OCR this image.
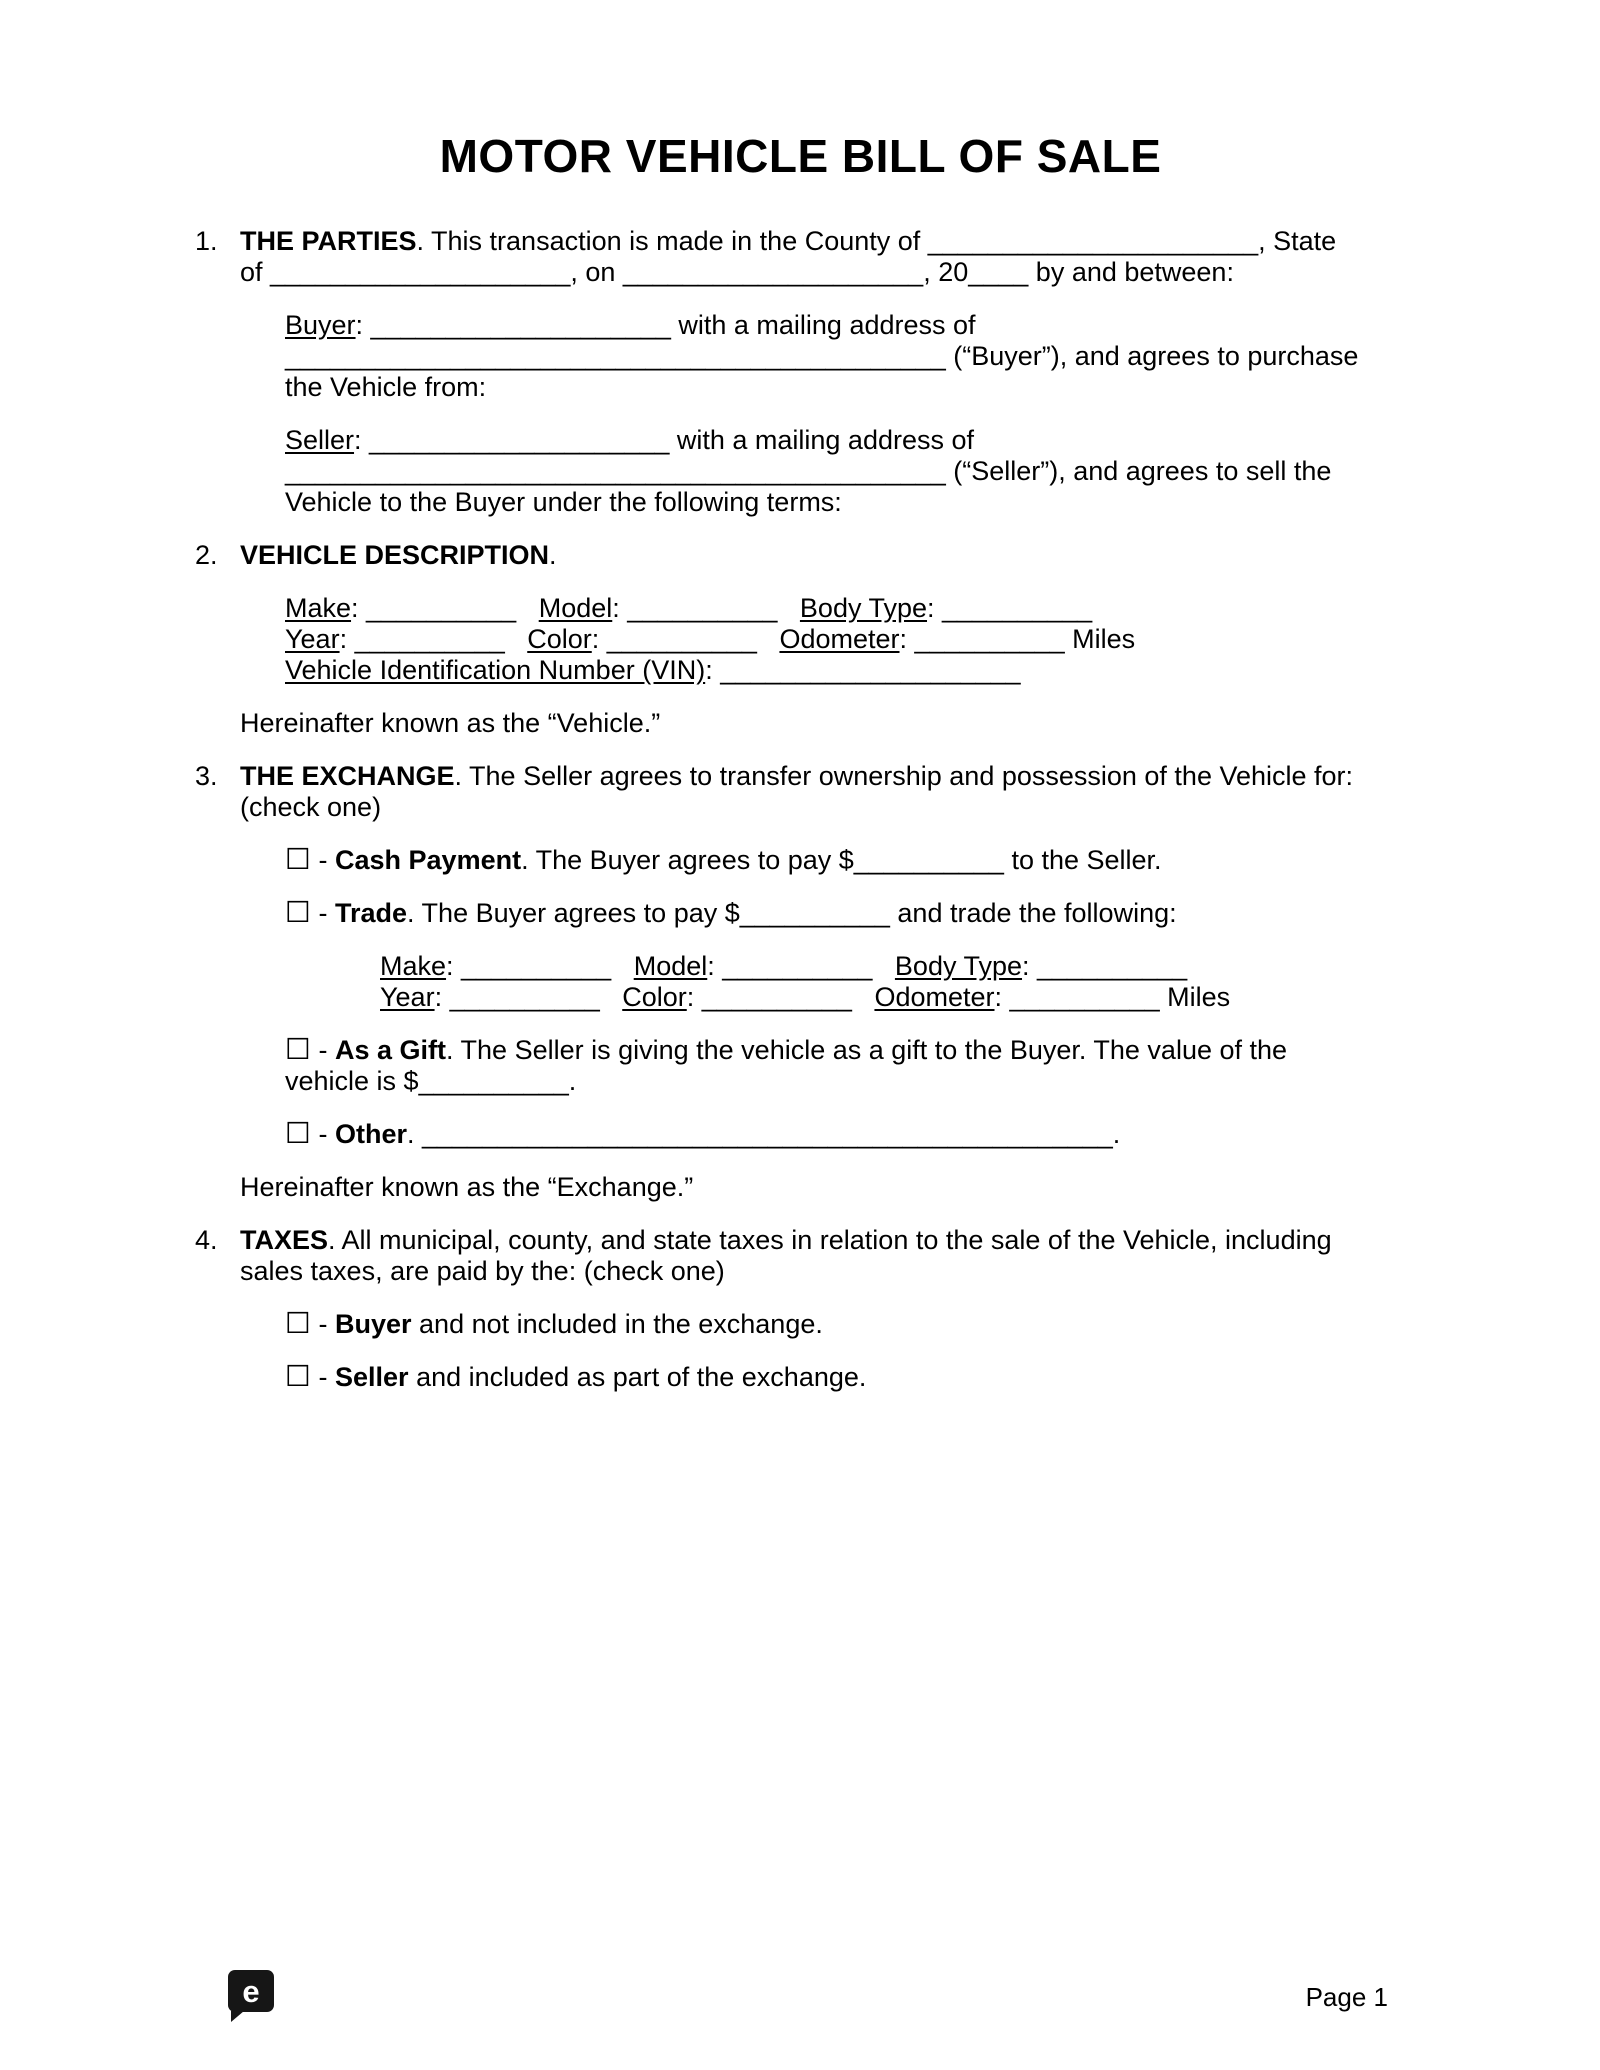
MOTOR VEHICLE BILL OF SALE
1. THE PARTIES. This transaction is made in the County of ______________________, State of ____________________, on ____________________, 20____ by and between:

Buyer: ____________________ with a mailing address of ____________________________________________ (“Buyer”), and agrees to purchase the Vehicle from:

Seller: ____________________ with a mailing address of ____________________________________________ (“Seller”), and agrees to sell the Vehicle to the Buyer under the following terms:

2. VEHICLE DESCRIPTION.

Make: __________   Model: __________   Body Type: __________

Year: __________   Color: __________   Odometer: __________ Miles

Vehicle Identification Number (VIN): ____________________

Hereinafter known as the “Vehicle.”

3. THE EXCHANGE. The Seller agrees to transfer ownership and possession of the Vehicle for: (check one)

☐ - Cash Payment. The Buyer agrees to pay $__________ to the Seller.

☐ - Trade. The Buyer agrees to pay $__________ and trade the following:

Make: __________   Model: __________   Body Type: __________

Year: __________   Color: __________   Odometer: __________ Miles

☐ - As a Gift. The Seller is giving the vehicle as a gift to the Buyer. The value of the vehicle is $__________.

☐ - Other. ______________________________________________.

Hereinafter known as the “Exchange.”

4. TAXES. All municipal, county, and state taxes in relation to the sale of the Vehicle, including sales taxes, are paid by the: (check one)

☐ - Buyer and not included in the exchange.

☐ - Seller and included as part of the exchange.

e	Page 1
